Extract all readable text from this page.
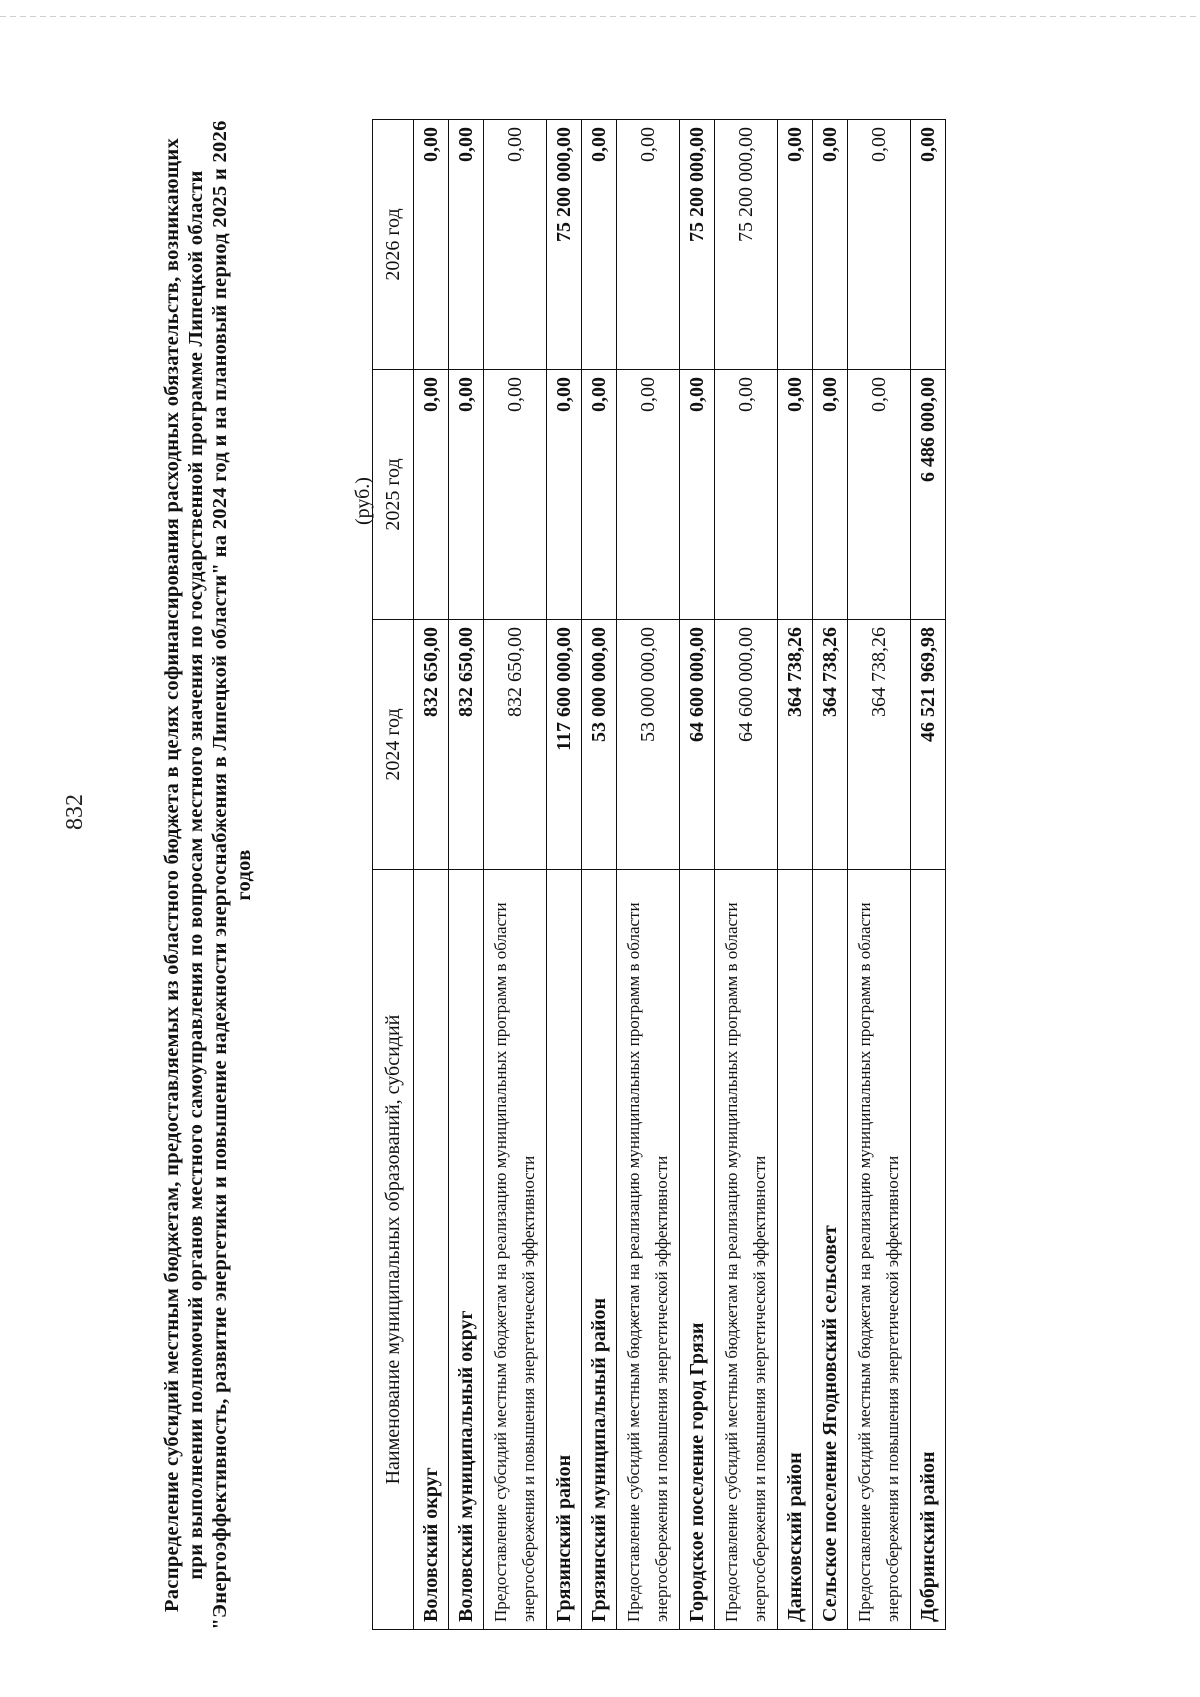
832	Распределение субсидий местным бюджетам, предоставляемых из областного бюджета в целях софинансирования расходных обязательств, возникающих при выполнении полномочий органов местного самоуправления по вопросам местного значения по государственной программе Липецкой области "Энергоэффективность, развитие энергетики и повышение надежности энергоснабжения в Липецкой области" на 2024 год и на плановый период 2025 и 2026 годов

(руб.)
Наименование муниципальных образований, субсидий	2024 год	2025 год	2026 год
Воловский округ	832 650,00	0,00	0,00
Воловский муниципальный округ	832 650,00	0,00	0,00
Предоставление субсидий местным бюджетам на реализацию муниципальных программ в области энергосбережения и повышения энергетической эффективности	832 650,00	0,00	0,00
Грязинский район	117 600 000,00	0,00	75 200 000,00
Грязинский муниципальный район	53 000 000,00	0,00	0,00
Предоставление субсидий местным бюджетам на реализацию муниципальных программ в области энергосбережения и повышения энергетической эффективности	53 000 000,00	0,00	0,00
Городское поселение город Грязи	64 600 000,00	0,00	75 200 000,00
Предоставление субсидий местным бюджетам на реализацию муниципальных программ в области энергосбережения и повышения энергетической эффективности	64 600 000,00	0,00	75 200 000,00
Данковский район	364 738,26	0,00	0,00
Сельское поселение Ягодновский сельсовет	364 738,26	0,00	0,00
Предоставление субсидий местным бюджетам на реализацию муниципальных программ в области энергосбережения и повышения энергетической эффективности	364 738,26	0,00	0,00
Добринский район	46 521 969,98	6 486 000,00	0,00
